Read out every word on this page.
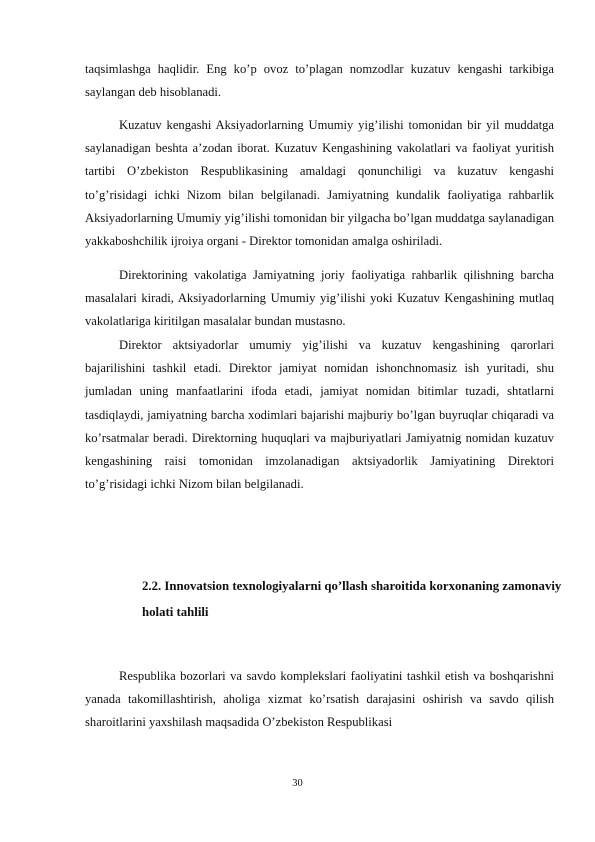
taqsimlashga haqlidir. Eng ko’p ovoz to’plagan nomzodlar kuzatuv kengashi tarkibiga saylangan deb hisoblanadi.

Kuzatuv kengashi Aksiyadorlarning Umumiy yig’ilishi tomonidan bir yil muddatga saylanadigan beshta a’zodan iborat. Kuzatuv Kengashining vakolatlari va faoliyat yuritish tartibi O’zbekiston Respublikasining amaldagi qonunchiligi va kuzatuv kengashi to’g’risidagi ichki Nizom bilan belgilanadi. Jamiyatning kundalik faoliyatiga rahbarlik Aksiyadorlarning Umumiy yig’ilishi tomonidan bir yilgacha bo’lgan muddatga saylanadigan yakkaboshchilik ijroiya organi - Direktor tomonidan amalga oshiriladi.

Direktorining vakolatiga Jamiyatning joriy faoliyatiga rahbarlik qilishning barcha masalalari kiradi, Aksiyadorlarning Umumiy yig’ilishi yoki Kuzatuv Kengashining mutlaq vakolatlariga kiritilgan masalalar bundan mustasno.

Direktor aktsiyadorlar umumiy yig’ilishi va kuzatuv kengashining qarorlari bajarilishini tashkil etadi. Direktor jamiyat nomidan ishonchnomasiz ish yuritadi, shu jumladan uning manfaatlarini ifoda etadi, jamiyat nomidan bitimlar tuzadi, shtatlarni tasdiqlaydi, jamiyatning barcha xodimlari bajarishi majburiy bo’lgan buyruqlar chiqaradi va ko’rsatmalar beradi. Direktorning huquqlari va majburiyatlari Jamiyatnig nomidan kuzatuv kengashining raisi tomonidan imzolanadigan aktsiyadorlik Jamiyatining Direktori to’g’risidagi ichki Nizom bilan belgilanadi.

2.2. Innovatsion texnologiyalarni qo’llash sharoitida korxonaning zamonaviy holati tahlili

Respublika bozorlari va savdo komplekslari faoliyatini tashkil etish va boshqarishni yanada takomillashtirish, aholiga xizmat ko’rsatish darajasini oshirish va savdo qilish sharoitlarini yaxshilash maqsadida O’zbekiston Respublikasi

30
